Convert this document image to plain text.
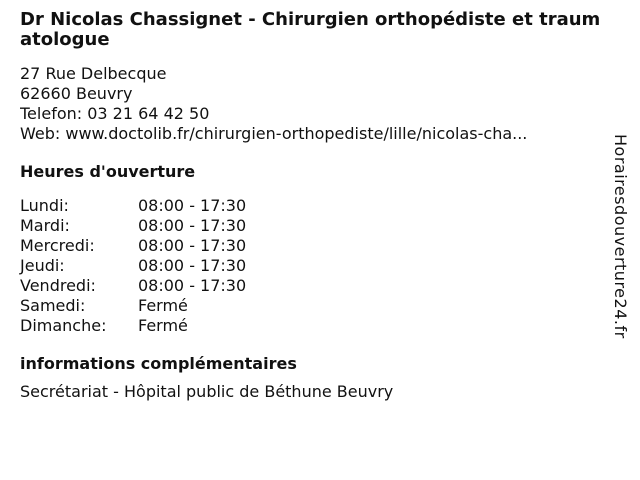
Dr Nicolas Chassignet - Chirurgien orthopédiste et traumatologue
27 Rue Delbecque
62660 Beuvry
Telefon: 03 21 64 42 50
Web: www.doctolib.fr/chirurgien-orthopediste/lille/nicolas-cha...
Heures d'ouverture
Lundi:	08:00 - 17:30
Mardi:	08:00 - 17:30
Mercredi:	08:00 - 17:30
Jeudi:	08:00 - 17:30
Vendredi:	08:00 - 17:30
Samedi:	Fermé
Dimanche:	Fermé
informations complémentaires
Secrétariat - Hôpital public de Béthune Beuvry
Horairesdouverture24.fr
